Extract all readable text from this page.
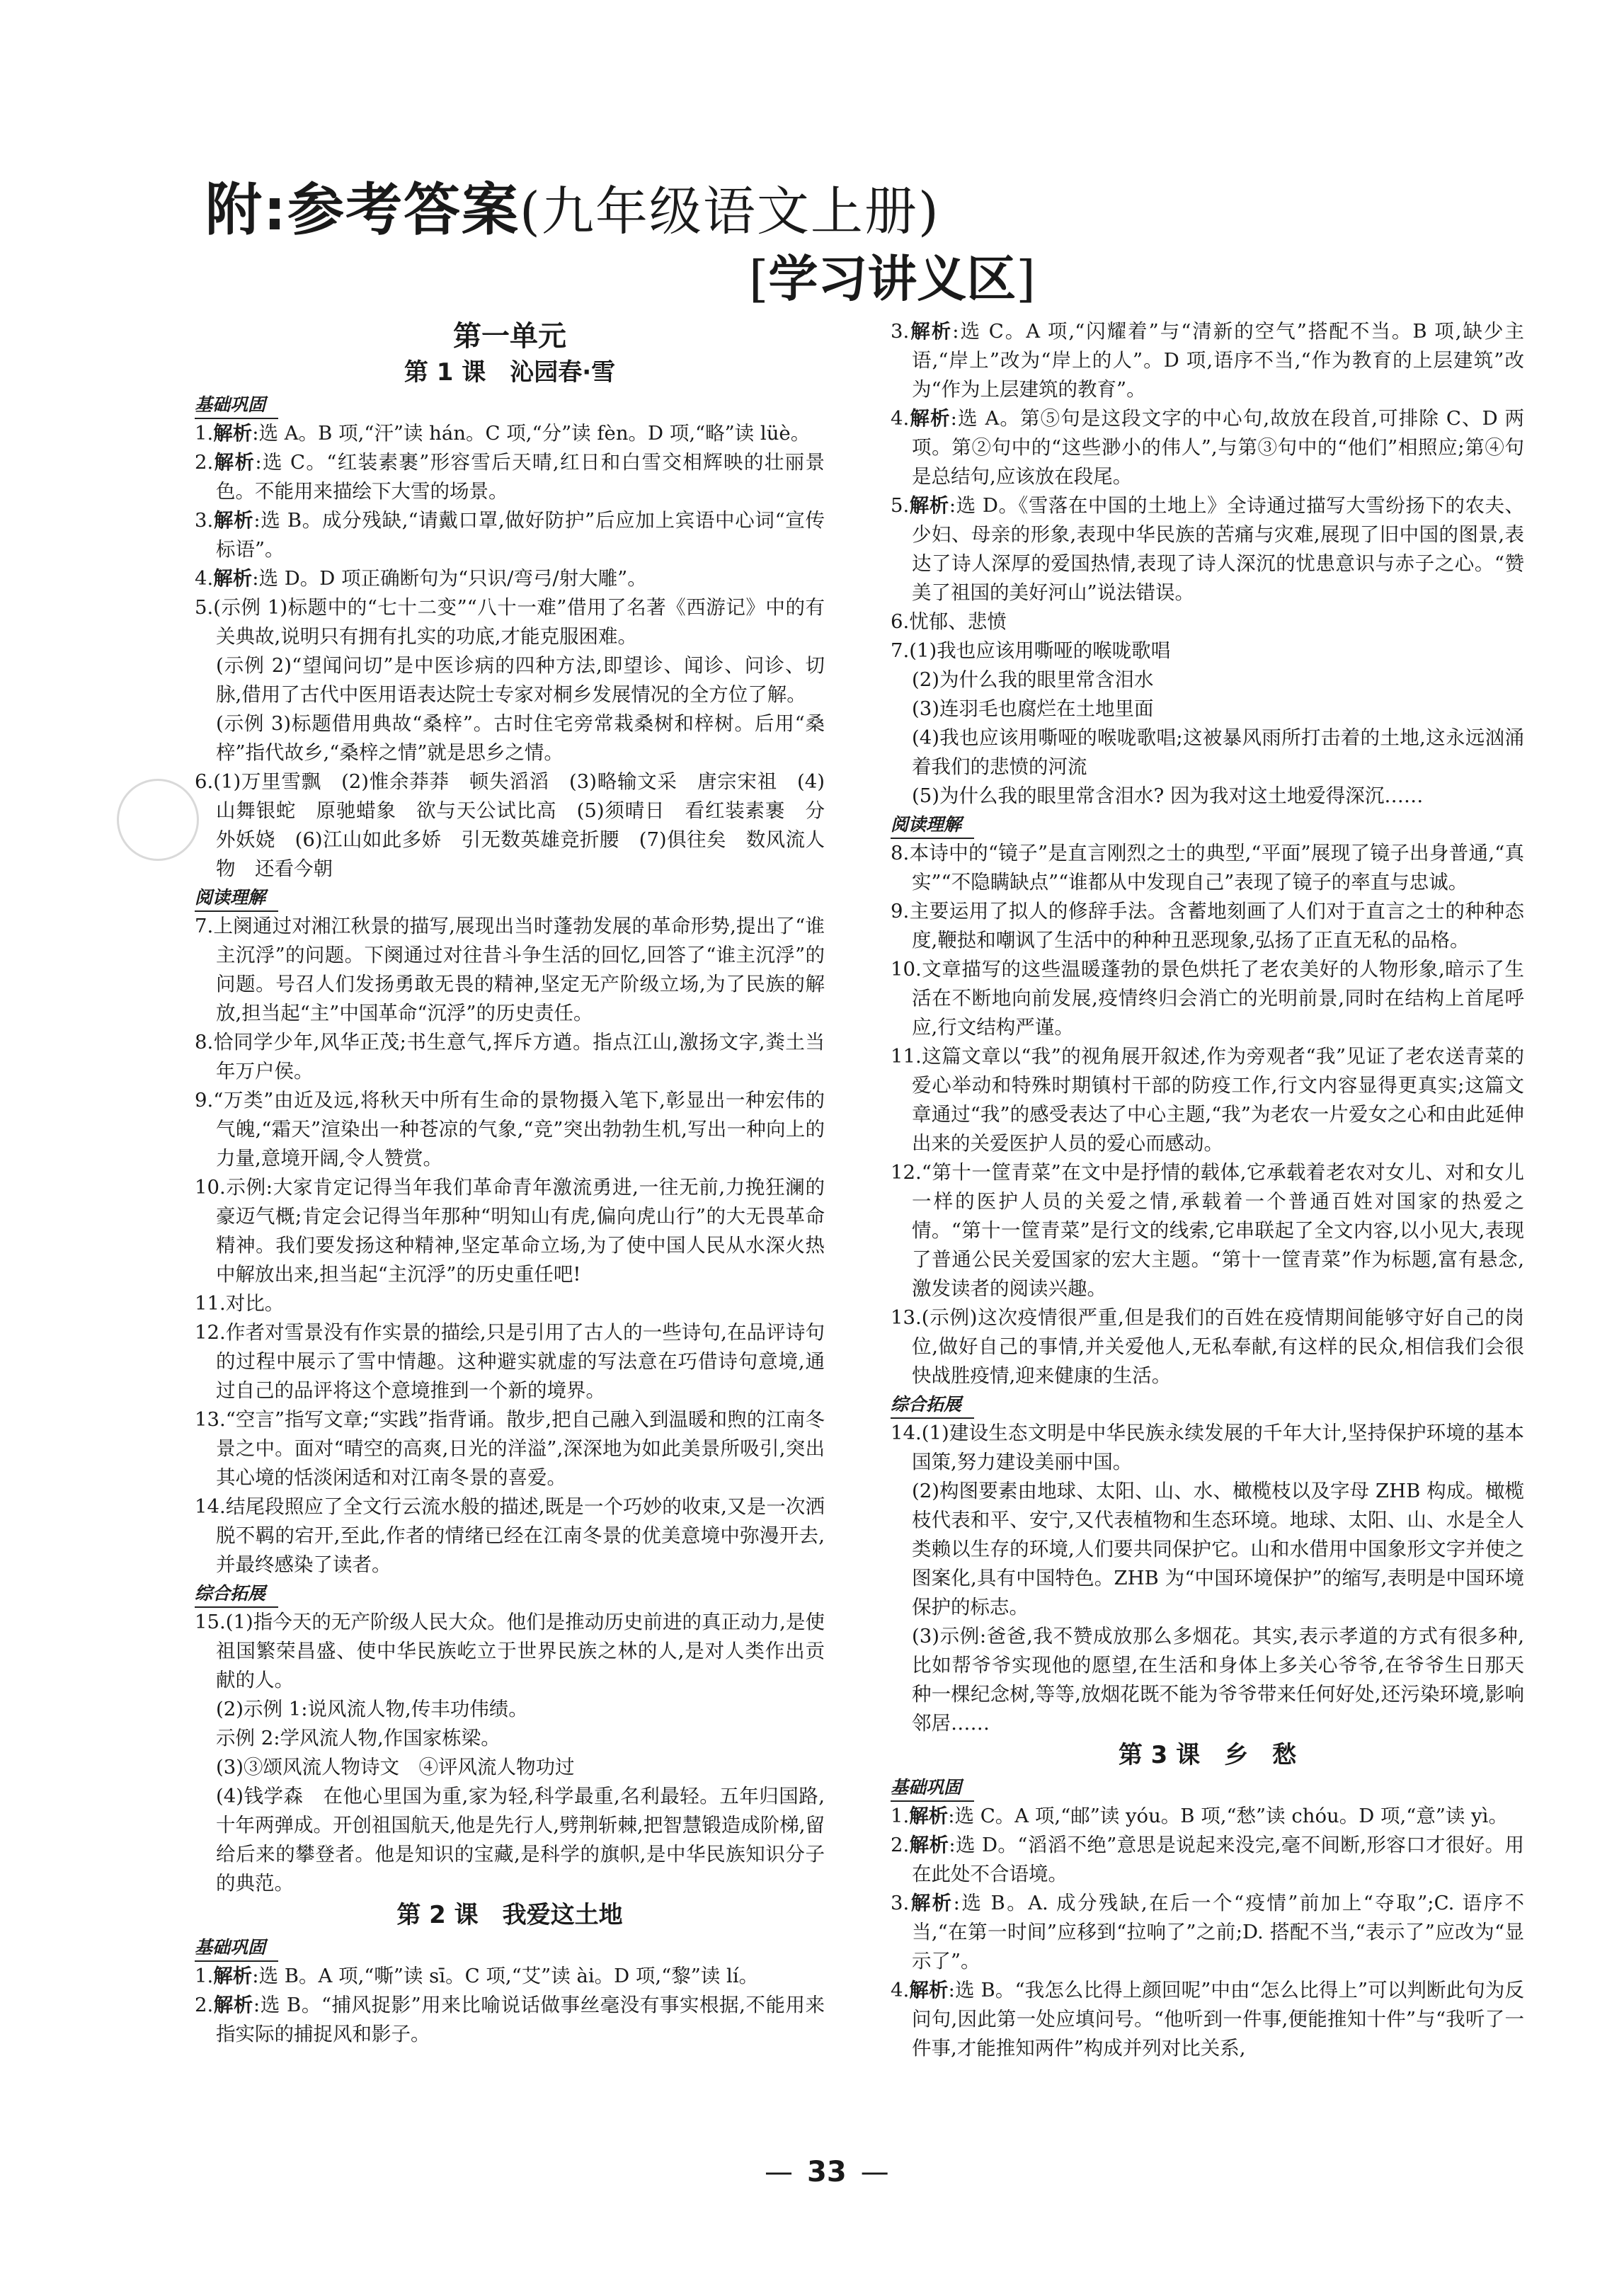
附:参考答案(九年级语文上册)
[学习讲义区]
第一单元
第 1 课　沁园春·雪
基础巩固
1.解析:选 A。B 项,“汗”读 hán。C 项,“分”读 fèn。D 项,“略”读 lüè。
2.解析:选 C。“红装素裹”形容雪后天晴,红日和白雪交相辉映的壮丽景色。不能用来描绘下大雪的场景。
3.解析:选 B。成分残缺,“请戴口罩,做好防护”后应加上宾语中心词“宣传标语”。
4.解析:选 D。D 项正确断句为“只识/弯弓/射大雕”。
5.(示例 1)标题中的“七十二变”“八十一难”借用了名著《西游记》中的有关典故,说明只有拥有扎实的功底,才能克服困难。
(示例 2)“望闻问切”是中医诊病的四种方法,即望诊、闻诊、问诊、切脉,借用了古代中医用语表达院士专家对桐乡发展情况的全方位了解。
(示例 3)标题借用典故“桑梓”。古时住宅旁常栽桑树和梓树。后用“桑梓”指代故乡,“桑梓之情”就是思乡之情。
6.(1)万里雪飘　(2)惟余莽莽　顿失滔滔　(3)略输文采　唐宗宋祖　(4)山舞银蛇　原驰蜡象　欲与天公试比高　(5)须晴日　看红装素裹　分外妖娆　(6)江山如此多娇　引无数英雄竞折腰　(7)俱往矣　数风流人物　还看今朝
阅读理解
7.上阕通过对湘江秋景的描写,展现出当时蓬勃发展的革命形势,提出了“谁主沉浮”的问题。下阕通过对往昔斗争生活的回忆,回答了“谁主沉浮”的问题。号召人们发扬勇敢无畏的精神,坚定无产阶级立场,为了民族的解放,担当起“主”中国革命“沉浮”的历史责任。
8.恰同学少年,风华正茂;书生意气,挥斥方遒。指点江山,激扬文字,粪土当年万户侯。
9.“万类”由近及远,将秋天中所有生命的景物摄入笔下,彰显出一种宏伟的气魄,“霜天”渲染出一种苍凉的气象,“竞”突出勃勃生机,写出一种向上的力量,意境开阔,令人赞赏。
10.示例:大家肯定记得当年我们革命青年激流勇进,一往无前,力挽狂澜的豪迈气概;肯定会记得当年那种“明知山有虎,偏向虎山行”的大无畏革命精神。我们要发扬这种精神,坚定革命立场,为了使中国人民从水深火热中解放出来,担当起“主沉浮”的历史重任吧!
11.对比。
12.作者对雪景没有作实景的描绘,只是引用了古人的一些诗句,在品评诗句的过程中展示了雪中情趣。这种避实就虚的写法意在巧借诗句意境,通过自己的品评将这个意境推到一个新的境界。
13.“空言”指写文章;“实践”指背诵。散步,把自己融入到温暖和煦的江南冬景之中。面对“晴空的高爽,日光的洋溢”,深深地为如此美景所吸引,突出其心境的恬淡闲适和对江南冬景的喜爱。
14.结尾段照应了全文行云流水般的描述,既是一个巧妙的收束,又是一次洒脱不羁的宕开,至此,作者的情绪已经在江南冬景的优美意境中弥漫开去,并最终感染了读者。
综合拓展
15.(1)指今天的无产阶级人民大众。他们是推动历史前进的真正动力,是使祖国繁荣昌盛、使中华民族屹立于世界民族之林的人,是对人类作出贡献的人。
(2)示例 1:说风流人物,传丰功伟绩。
示例 2:学风流人物,作国家栋梁。
(3)③颂风流人物诗文　④评风流人物功过
(4)钱学森　在他心里国为重,家为轻,科学最重,名利最轻。五年归国路,十年两弹成。开创祖国航天,他是先行人,劈荆斩棘,把智慧锻造成阶梯,留给后来的攀登者。他是知识的宝藏,是科学的旗帜,是中华民族知识分子的典范。
第 2 课　我爱这土地
基础巩固
1.解析:选 B。A 项,“嘶”读 sī。C 项,“艾”读 ài。D 项,“黎”读 lí。
2.解析:选 B。“捕风捉影”用来比喻说话做事丝毫没有事实根据,不能用来指实际的捕捉风和影子。
3.解析:选 C。A 项,“闪耀着”与“清新的空气”搭配不当。B 项,缺少主语,“岸上”改为“岸上的人”。D 项,语序不当,“作为教育的上层建筑”改为“作为上层建筑的教育”。
4.解析:选 A。第⑤句是这段文字的中心句,故放在段首,可排除 C、D 两项。第②句中的“这些渺小的伟人”,与第③句中的“他们”相照应;第④句是总结句,应该放在段尾。
5.解析:选 D。《雪落在中国的土地上》全诗通过描写大雪纷扬下的农夫、少妇、母亲的形象,表现中华民族的苦痛与灾难,展现了旧中国的图景,表达了诗人深厚的爱国热情,表现了诗人深沉的忧患意识与赤子之心。“赞美了祖国的美好河山”说法错误。
6.忧郁、悲愤
7.(1)我也应该用嘶哑的喉咙歌唱
(2)为什么我的眼里常含泪水
(3)连羽毛也腐烂在土地里面
(4)我也应该用嘶哑的喉咙歌唱;这被暴风雨所打击着的土地,这永远汹涌着我们的悲愤的河流
(5)为什么我的眼里常含泪水? 因为我对这土地爱得深沉……
阅读理解
8.本诗中的“镜子”是直言刚烈之士的典型,“平面”展现了镜子出身普通,“真实”“不隐瞒缺点”“谁都从中发现自己”表现了镜子的率直与忠诚。
9.主要运用了拟人的修辞手法。含蓄地刻画了人们对于直言之士的种种态度,鞭挞和嘲讽了生活中的种种丑恶现象,弘扬了正直无私的品格。
10.文章描写的这些温暖蓬勃的景色烘托了老农美好的人物形象,暗示了生活在不断地向前发展,疫情终归会消亡的光明前景,同时在结构上首尾呼应,行文结构严谨。
11.这篇文章以“我”的视角展开叙述,作为旁观者“我”见证了老农送青菜的爱心举动和特殊时期镇村干部的防疫工作,行文内容显得更真实;这篇文章通过“我”的感受表达了中心主题,“我”为老农一片爱女之心和由此延伸出来的关爱医护人员的爱心而感动。
12.“第十一筐青菜”在文中是抒情的载体,它承载着老农对女儿、对和女儿一样的医护人员的关爱之情,承载着一个普通百姓对国家的热爱之情。“第十一筐青菜”是行文的线索,它串联起了全文内容,以小见大,表现了普通公民关爱国家的宏大主题。“第十一筐青菜”作为标题,富有悬念,激发读者的阅读兴趣。
13.(示例)这次疫情很严重,但是我们的百姓在疫情期间能够守好自己的岗位,做好自己的事情,并关爱他人,无私奉献,有这样的民众,相信我们会很快战胜疫情,迎来健康的生活。
综合拓展
14.(1)建设生态文明是中华民族永续发展的千年大计,坚持保护环境的基本国策,努力建设美丽中国。
(2)构图要素由地球、太阳、山、水、橄榄枝以及字母 ZHB 构成。橄榄枝代表和平、安宁,又代表植物和生态环境。地球、太阳、山、水是全人类赖以生存的环境,人们要共同保护它。山和水借用中国象形文字并使之图案化,具有中国特色。ZHB 为“中国环境保护”的缩写,表明是中国环境保护的标志。
(3)示例:爸爸,我不赞成放那么多烟花。其实,表示孝道的方式有很多种,比如帮爷爷实现他的愿望,在生活和身体上多关心爷爷,在爷爷生日那天种一棵纪念树,等等,放烟花既不能为爷爷带来任何好处,还污染环境,影响邻居……
第 3 课　乡　愁
基础巩固
1.解析:选 C。A 项,“邮”读 yóu。B 项,“愁”读 chóu。D 项,“意”读 yì。
2.解析:选 D。“滔滔不绝”意思是说起来没完,毫不间断,形容口才很好。用在此处不合语境。
3.解析:选 B。A. 成分残缺,在后一个“疫情”前加上“夺取”;C. 语序不当,“在第一时间”应移到“拉响了”之前;D. 搭配不当,“表示了”应改为“显示了”。
4.解析:选 B。“我怎么比得上颜回呢”中由“怎么比得上”可以判断此句为反问句,因此第一处应填问号。“他听到一件事,便能推知十件”与“我听了一件事,才能推知两件”构成并列对比关系,
— 33 —
